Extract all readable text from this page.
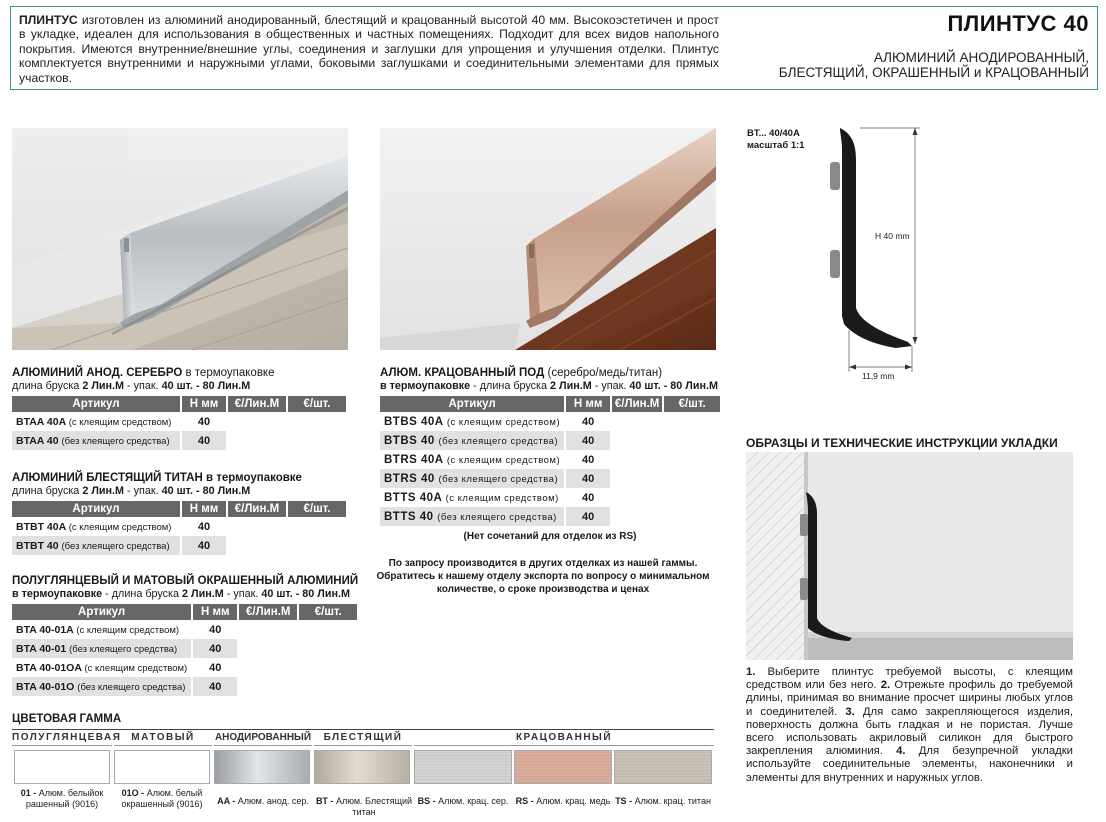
ПЛИНТУС изготовлен из алюминий анодированный, блестящий и крацованный высотой 40 мм. Высокоэстетичен и прост в укладке, идеален для использования в общественных и частных помещениях. Подходит для всех видов напольного покрытия. Имеются внутренние/внешние углы, соединения и заглушки для упрощения и улучшения отделки. Плинтус комплектуется внутренними и наружными углами, боковыми заглушками и соединительными элементами для прямых участков.

ПЛИНТУС 40
АЛЮМИНИЙ АНОДИРОВАННЫЙ,
БЛЕСТЯЩИЙ, ОКРАШЕННЫЙ и КРАЦОВАННЫЙ
АЛЮМИНИЙ АНОД. СЕРЕБРО в термоупаковке
длина бруска 2 Лин.М - упак. 40 шт. - 80 Лин.М
Артикул	H мм	€/Лин.М	€/шт.
BTAA 40A (с клеящим средством)	40		
BTAA 40 (без клеящего средства)	40		
АЛЮМИНИЙ БЛЕСТЯЩИЙ ТИТАН в термоупаковке
длина бруска 2 Лин.М - упак. 40 шт. - 80 Лин.М
Артикул	H мм	€/Лин.М	€/шт.
BTBT 40A (с клеящим средством)	40		
BTBT 40 (без клеящего средства)	40		
ПОЛУГЛЯНЦЕВЫЙ И МАТОВЫЙ ОКРАШЕННЫЙ АЛЮМИНИЙ
в термоупаковке - длина бруска 2 Лин.М - упак. 40 шт. - 80 Лин.М
Артикул	H мм	€/Лин.М	€/шт.
BTA 40-01A (с клеящим средством)	40		
BTA 40-01 (без клеящего средства)	40		
BTA 40-01OA (с клеящим средством)	40		
BTA 40-01O (без клеящего средства)	40		
АЛЮМ. КРАЦОВАННЫЙ ПОД (серебро/медь/титан)
в термоупаковке - длина бруска 2 Лин.М - упак. 40 шт. - 80 Лин.М
Артикул	H мм	€/Лин.М	€/шт.
BTBS 40A (с клеящим средством)	40		
BTBS 40 (без клеящего средства)	40		
BTRS 40A (с клеящим средством)	40		
BTRS 40 (без клеящего средства)	40		
BTTS 40A (с клеящим средством)	40		
BTTS 40 (без клеящего средства)	40		
(Нет сочетаний для отделок из RS)
По запросу производится в других отделках из нашей гаммы.
Обратитесь к нашему отделу экспорта по вопросу о минимальном
количестве, о сроке производства и ценах
ЦВЕТОВАЯ ГАММА
ПОЛУГЛЯНЦЕВАЯ МАТОВЫЙ	АНОДИРОВАННЫЙ	БЛЕСТЯЩИЙ	КРАЦОВАННЫЙ
01 - Алюм. белыйок
рашенный (9016)
01O - Алюм. белый
окрашенный (9016)	AA - Алюм. анод. сер. BT - Алюм. Блестящий титан
BS - Алюм. крац. сер. RS - Алюм. крац. медь TS - Алюм. крац. титан
BT... 40/40A
масштаб 1:1
H 40 mm
11,9 mm
ОБРАЗЦЫ И ТЕХНИЧЕСКИЕ ИНСТРУКЦИИ УКЛАДКИ
1. Выберите плинтус требуемой высоты, с клеящим средством или без него. 2. Отрежьте профиль до требуемой длины, принимая во внимание просчет ширины любых углов и соединителей. 3. Для само закрепляющегося изделия, поверхность должна быть гладкая и не пористая. Лучше всего использовать акриловый силикон для быстрого закрепления алюминия. 4. Для безупречной укладки используйте соединительные элементы, наконечники и элементы для внутренних и наружных углов.
